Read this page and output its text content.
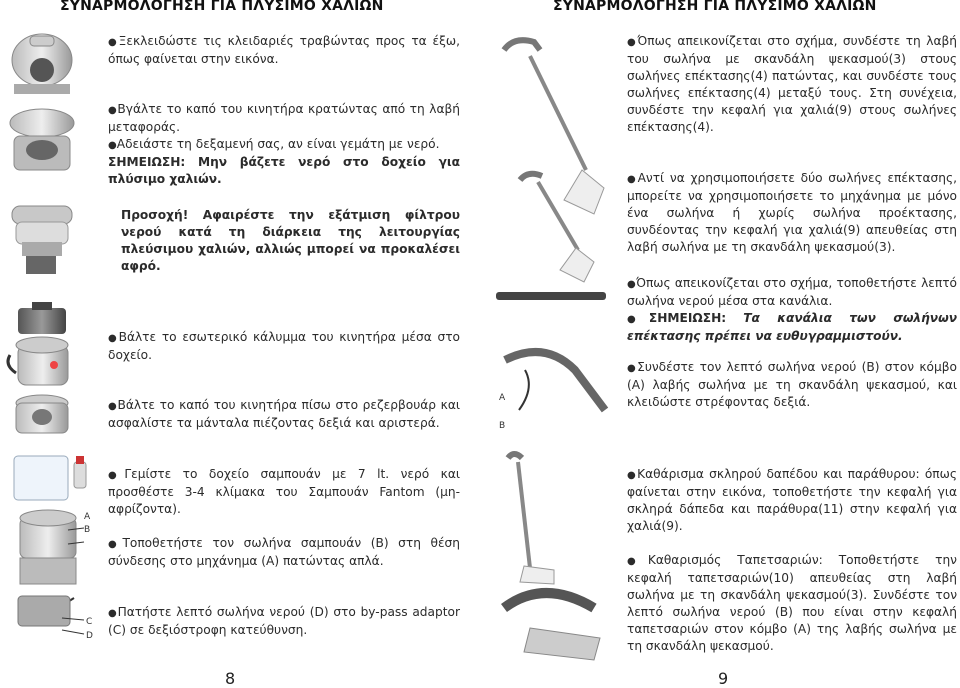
ΣΥΝΑΡΜΟΛΟΓΗΣΗ ΓΙΑ ΠΛΥΣΙΜΟ ΧΑΛΙΩΝ

●Ξεκλειδώστε τις κλειδαριές τραβώντας προς τα έξω, όπως φαίνεται στην εικόνα.

●Βγάλτε το καπό του κινητήρα κρατώντας από τη λαβή μεταφοράς.

●Αδειάστε τη δεξαμενή σας, αν είναι γεμάτη με νερό.

ΣΗΜΕΙΩΣΗ: Μην βάζετε νερό στο δοχείο για πλύσιμο χαλιών.

Προσοχή! Αφαιρέστε την εξάτμιση φίλτρου νερού κατά τη διάρκεια της λειτουργίας πλεύσιμου χαλιών, αλλιώς μπορεί να προκαλέσει αφρό.

●Βάλτε το εσωτερικό κάλυμμα του κινητήρα μέσα στο δοχείο.

●Βάλτε το καπό του κινητήρα πίσω στο ρεζερβουάρ και ασφαλίστε τα μάνταλα πιέζοντας δεξιά και αριστερά.

A
B
C
D

●Γεμίστε το δοχείο σαμπουάν με 7 lt. νερό και προσθέστε 3-4 κλίμακα του Σαμπουάν Fantom (μη-αφρίζοντα).

●Τοποθετήστε τον σωλήνα σαμπουάν (Β) στη θέση σύνδεσης στο μηχάνημα (Α) πατώντας απλά.

●Πατήστε λεπτό σωλήνα νερού (D) στο by-pass adaptor (C) σε δεξιόστροφη κατεύθυνση.

8
ΣΥΝΑΡΜΟΛΟΓΗΣΗ ΓΙΑ ΠΛΥΣΙΜΟ ΧΑΛΙΩΝ
A
B

●Όπως απεικονίζεται στο σχήμα, συνδέστε τη λαβή του σωλήνα με σκανδάλη ψεκασμού(3) στους σωλήνες επέκτασης(4) πατώντας, και συνδέστε τους σωλήνες επέκτασης(4) μεταξύ τους. Στη συνέχεια, συνδέστε την κεφαλή για χαλιά(9) στους σωλήνες επέκτασης(4).

●Αντί να χρησιμοποιήσετε δύο σωλήνες επέκτασης, μπορείτε να χρησιμοποιήσετε το μηχάνημα με μόνο ένα σωλήνα ή χωρίς σωλήνα προέκτασης, συνδέοντας την κεφαλή για χαλιά(9) απευθείας στη λαβή σωλήνα με τη σκανδάλη ψεκασμού(3).

●Όπως απεικονίζεται στο σχήμα, τοποθετήστε λεπτό σωλήνα νερού μέσα στα κανάλια.

●ΣΗΜΕΙΩΣΗ: Τα κανάλια των σωλήνων επέκτασης πρέπει να ευθυγραμμιστούν.

●Συνδέστε τον λεπτό σωλήνα νερού (B) στον κόμβο (A) λαβής σωλήνα με τη σκανδάλη ψεκασμού, και κλειδώστε στρέφοντας δεξιά.

●Καθάρισμα σκληρού δαπέδου και παράθυρου: όπως φαίνεται στην εικόνα, τοποθετήστε την κεφαλή για σκληρά δάπεδα και παράθυρα(11) στην κεφαλή για χαλιά(9).

●Καθαρισμός Ταπετσαριών: Τοποθετήστε την κεφαλή ταπετσαριών(10) απευθείας στη λαβή σωλήνα με τη σκανδάλη ψεκασμού(3). Συνδέστε τον λεπτό σωλήνα νερού (B) που είναι στην κεφαλή ταπετσαριών στον κόμβο (A) της λαβής σωλήνα με τη σκανδάλη ψεκασμού.

9
